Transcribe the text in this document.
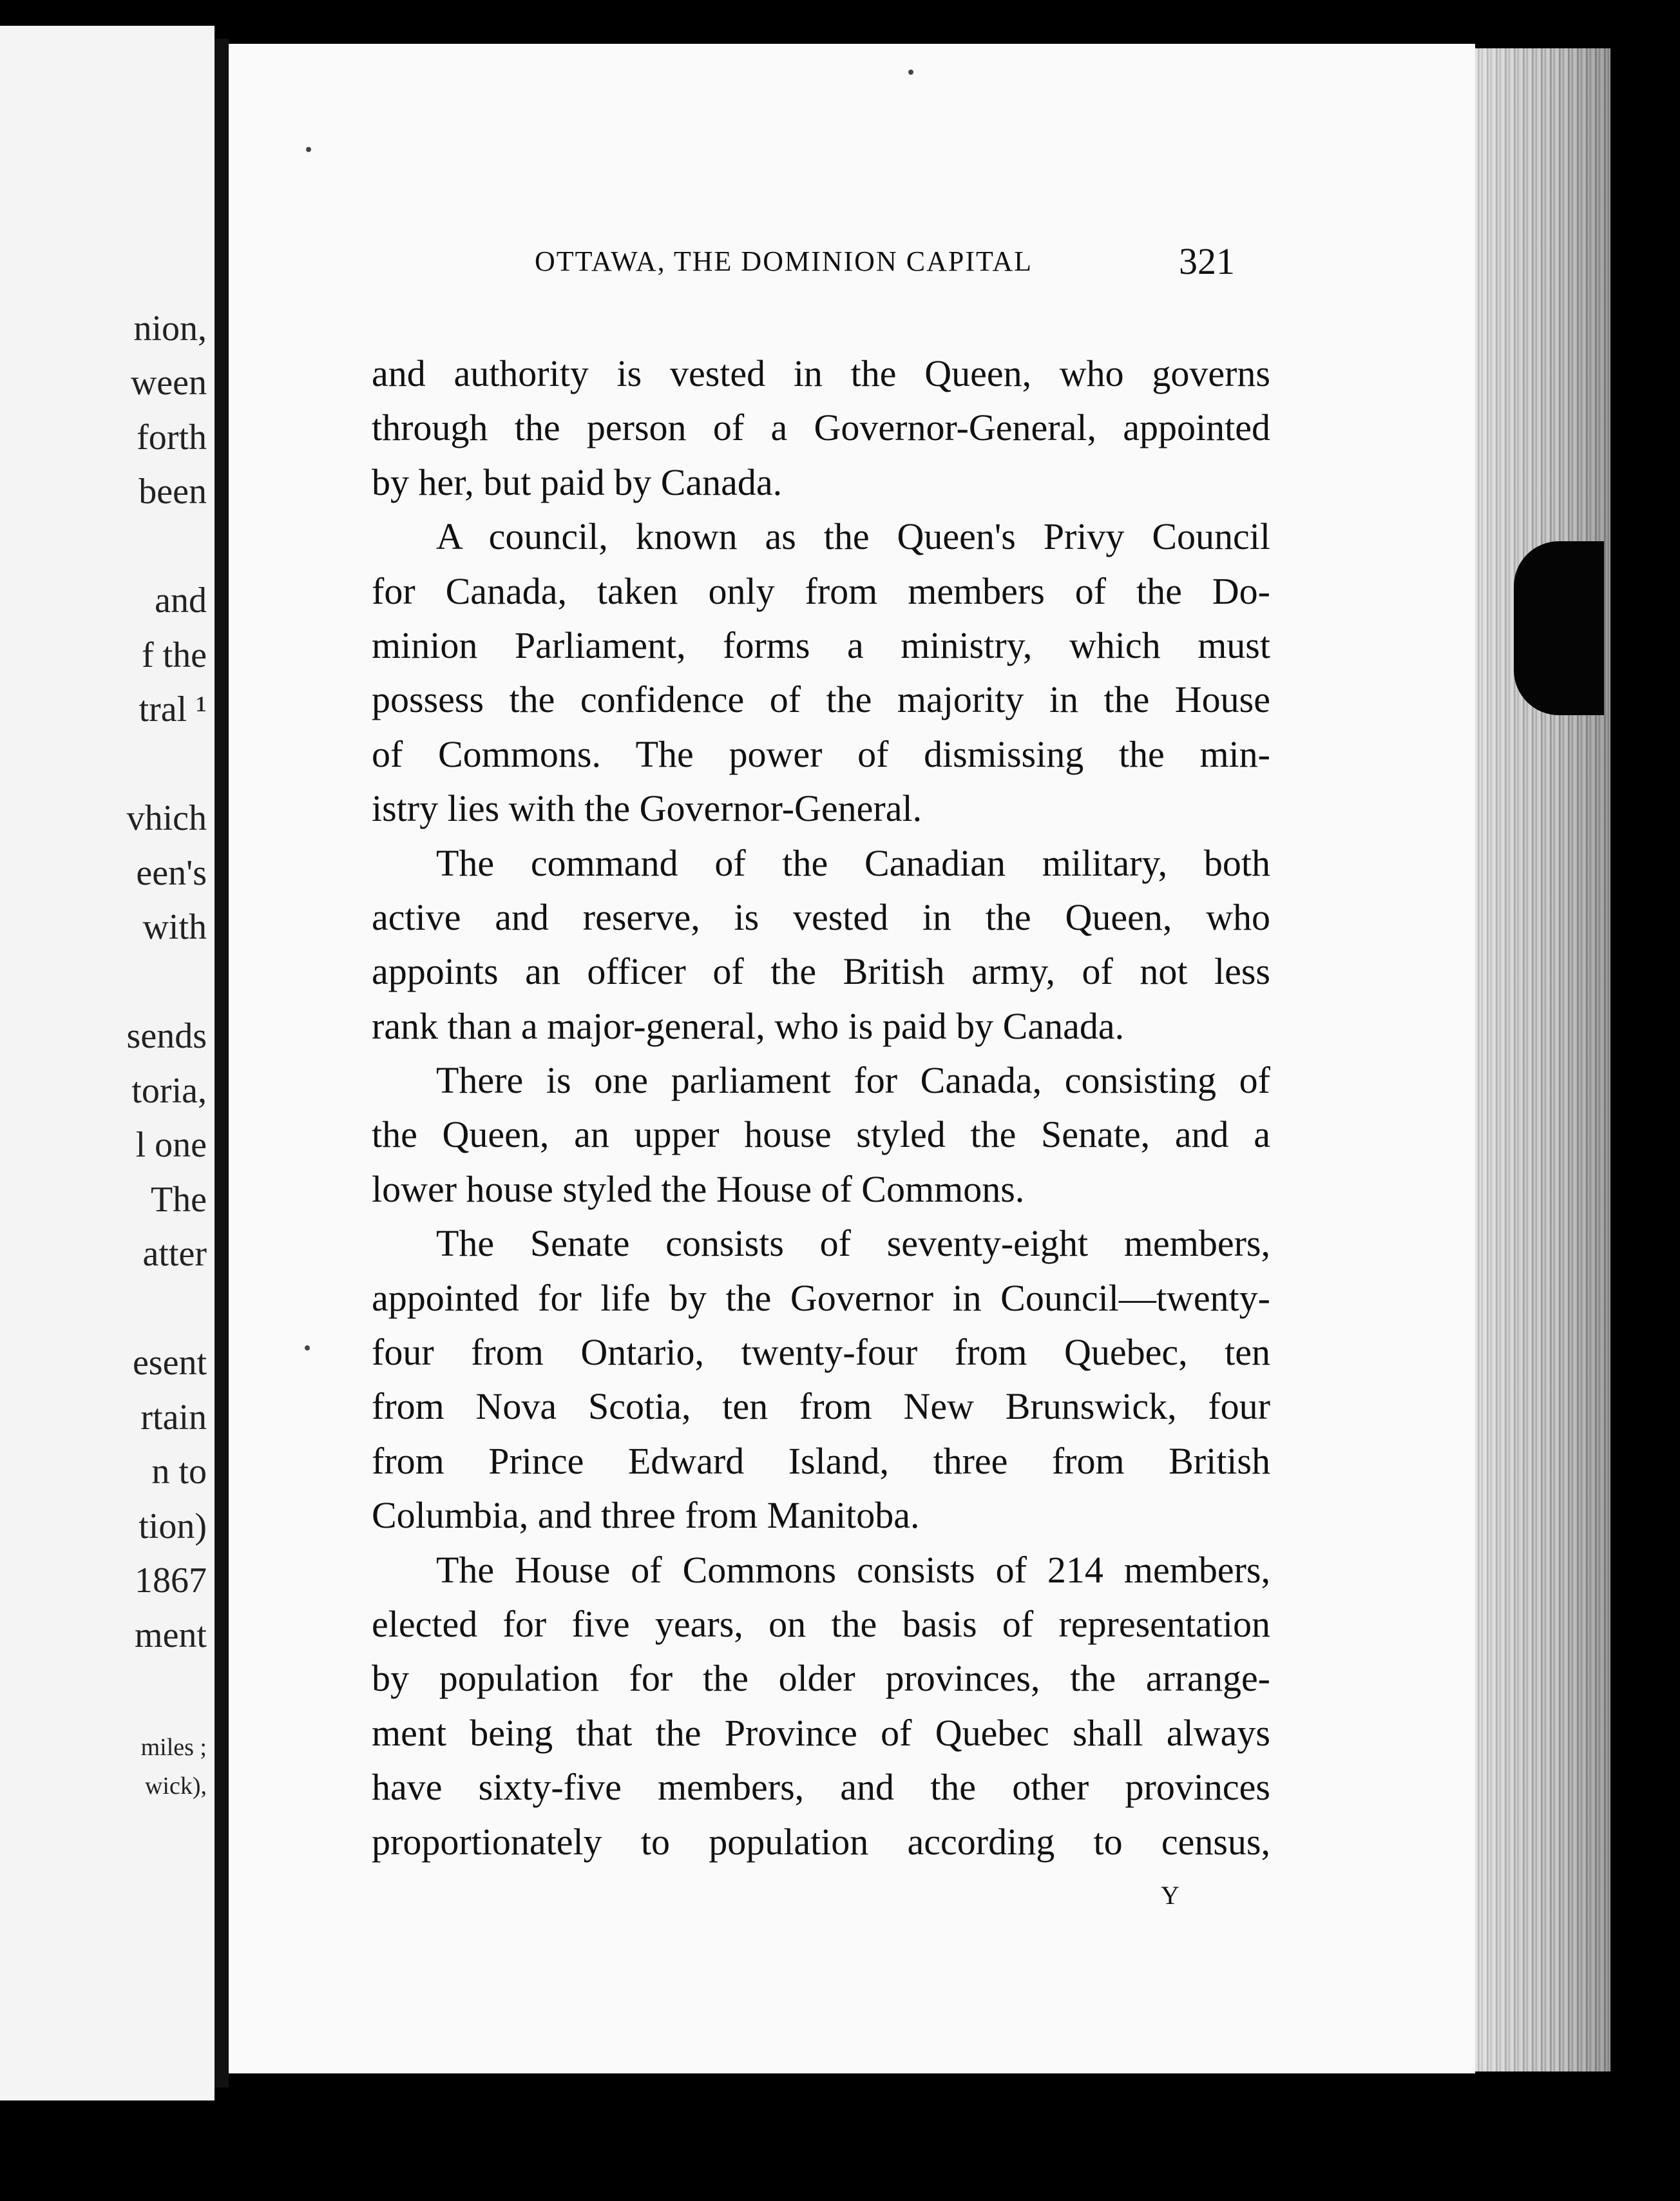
nion,
ween
forth
been
and
f the
tral ¹
vhich
een's
with
sends
toria,
l one
The
atter
esent
rtain
n to
tion)
1867
ment
miles ;
wick),
OTTAWA, THE DOMINION CAPITAL	321
and authority is vested in the Queen, who governs
through the person of a Governor-General, appointed
by her, but paid by Canada.
A council, known as the Queen's Privy Council
for Canada, taken only from members of the Do-
minion Parliament, forms a ministry, which must
possess the confidence of the majority in the House
of Commons. The power of dismissing the min-
istry lies with the Governor-General.
The command of the Canadian military, both
active and reserve, is vested in the Queen, who
appoints an officer of the British army, of not less
rank than a major-general, who is paid by Canada.
There is one parliament for Canada, consisting of
the Queen, an upper house styled the Senate, and a
lower house styled the House of Commons.
The Senate consists of seventy-eight members,
appointed for life by the Governor in Council—twenty-
four from Ontario, twenty-four from Quebec, ten
from Nova Scotia, ten from New Brunswick, four
from Prince Edward Island, three from British
Columbia, and three from Manitoba.
The House of Commons consists of 214 members,
elected for five years, on the basis of representation
by population for the older provinces, the arrange-
ment being that the Province of Quebec shall always
have sixty-five members, and the other provinces
proportionately to population according to census,
Y
